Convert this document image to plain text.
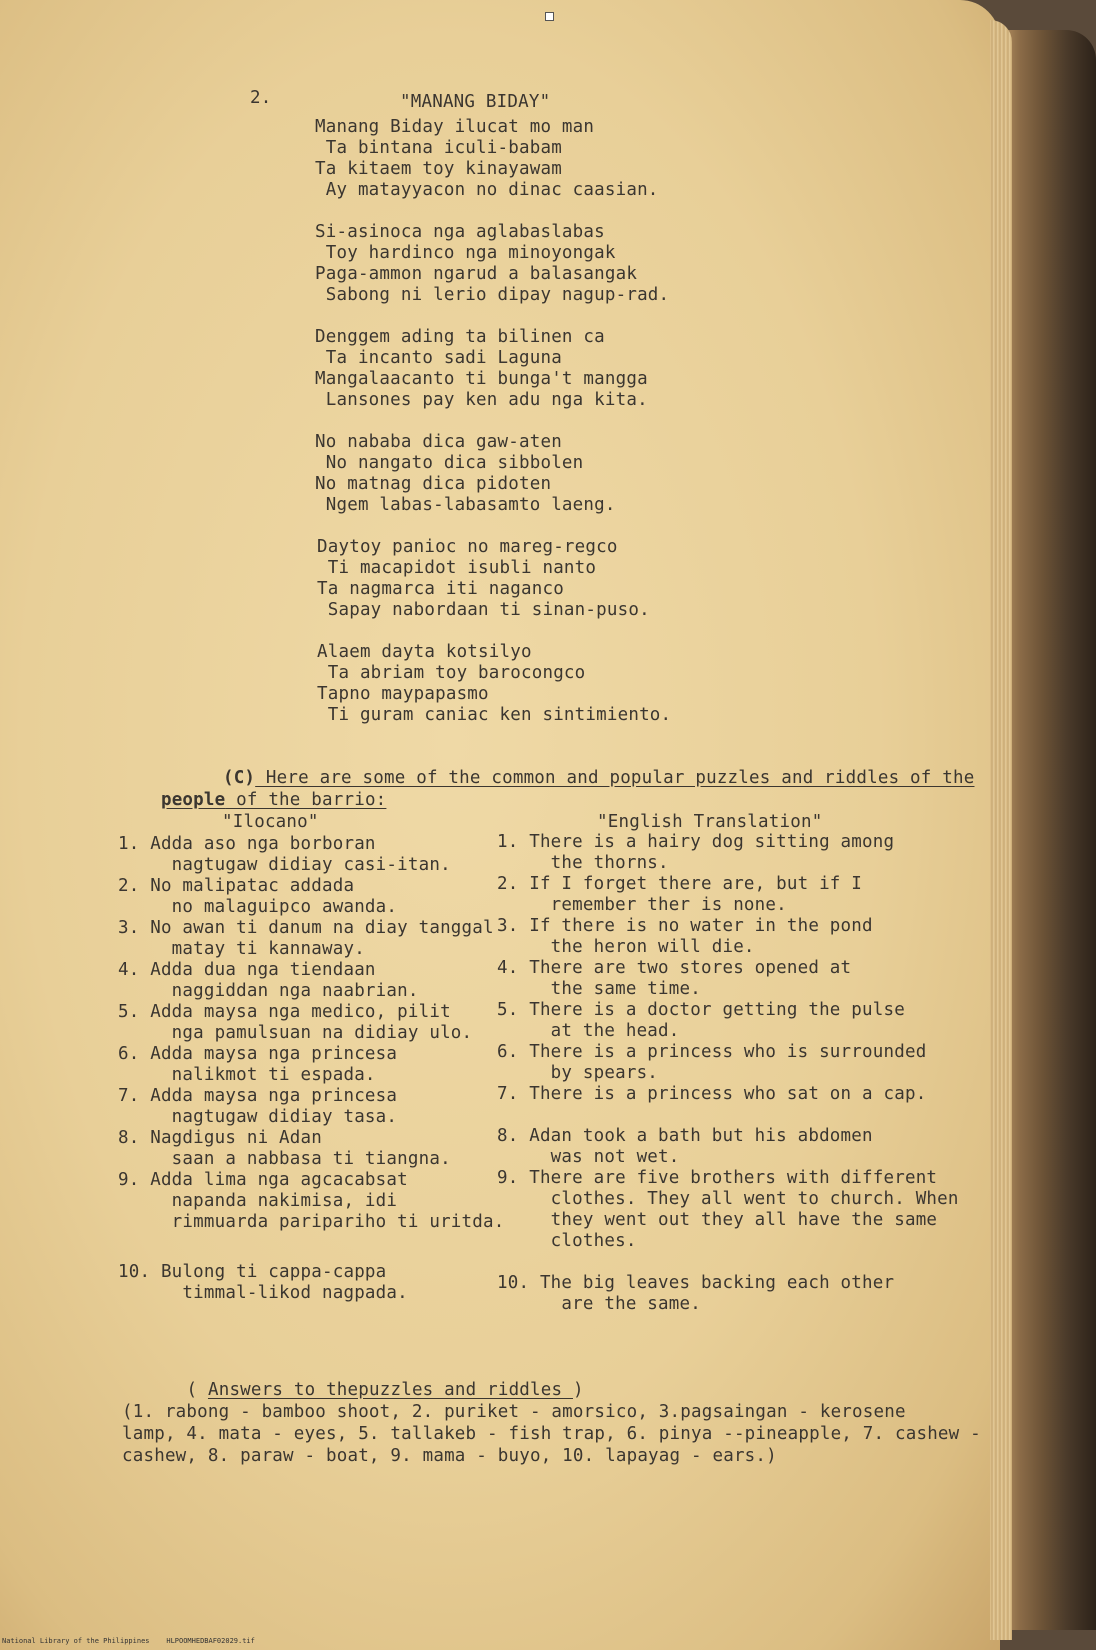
2.	"MANANG BIDAY"
Manang Biday ilucat mo man
Ta bintana iculi-babam
Ta kitaem toy kinayawam
Ay matayyacon no dinac caasian.
Si-asinoca nga aglabaslabas
Toy hardinco nga minoyongak
Paga-ammon ngarud a balasangak
Sabong ni lerio dipay nagup-rad.
Denggem ading ta bilinen ca
Ta incanto sadi Laguna
Mangalaacanto ti bunga't mangga
Lansones pay ken adu nga kita.
No nababa dica gaw-aten
No nangato dica sibbolen
No matnag dica pidoten
Ngem labas-labasamto laeng.
Daytoy panioc no mareg-regco
Ti macapidot isubli nanto
Ta nagmarca iti naganco
Sapay nabordaan ti sinan-puso.
Alaem dayta kotsilyo
Ta abriam toy barocongco
Tapno maypapasmo
Ti guram caniac ken sintimiento.

(C) Here are some of the common and popular puzzles and riddles of the

people of the barrio:

"Ilocano"	"English Translation"
1. Adda aso nga borboran
nagtugaw didiay casi-itan.
2. No malipatac addada
no malaguipco awanda.
3. No awan ti danum na diay tanggal
matay ti kannaway.
4. Adda dua nga tiendaan
naggiddan nga naabrian.
5. Adda maysa nga medico, pilit
nga pamulsuan na didiay ulo.
6. Adda maysa nga princesa
nalikmot ti espada.
7. Adda maysa nga princesa
nagtugaw didiay tasa.
8. Nagdigus ni Adan
saan a nabbasa ti tiangna.
9. Adda lima nga agcacabsat
napanda nakimisa, idi
rimmuarda paripariho ti uritda.
10. Bulong ti cappa-cappa
timmal-likod nagpada.
1. There is a hairy dog sitting among
the thorns.
2. If I forget there are, but if I
remember ther is none.
3. If there is no water in the pond
the heron will die.
4. There are two stores opened at
the same time.
5. There is a doctor getting the pulse
at the head.
6. There is a princess who is surrounded
by spears.
7. There is a princess who sat on a cap.
8. Adan took a bath but his abdomen
was not wet.
9. There are five brothers with different
clothes. They all went to church. When
they went out they all have the same
clothes.
10. The big leaves backing each other
are the same.

( Answers to thepuzzles and riddles )

(1. rabong - bamboo shoot, 2. puriket - amorsico, 3.pagsaingan - kerosene
lamp, 4. mata - eyes, 5. tallakeb - fish trap, 6. pinya --pineapple, 7. cashew -
cashew, 8. paraw - boat, 9. mama - buyo, 10. lapayag - ears.)
National Library of the Philippines    HLPOOMHEDBAF02029.tif
